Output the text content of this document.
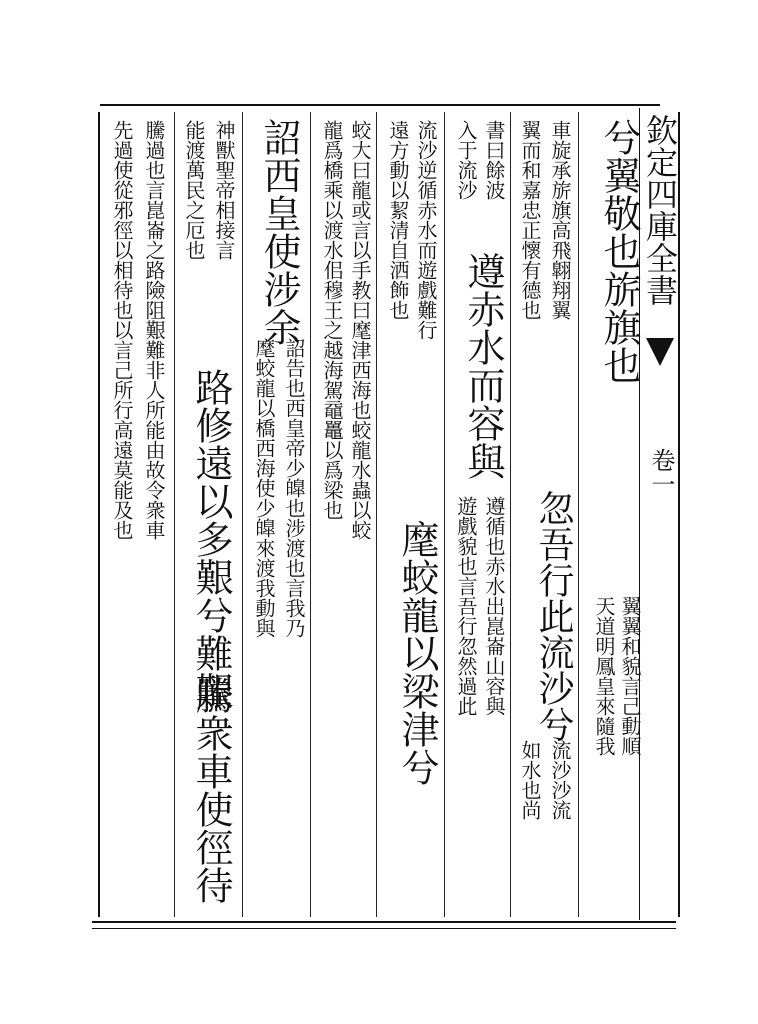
欽定四庫全書
卷一
兮翼敬也旂旗也
翼翼和貌言己動順
天道明鳳皇來隨我
車旋承旂旗高飛翺翔翼
翼而和嘉忠正懷有德也
流沙沙流
如水也尚
書曰餘波
入于流沙
遵赤水而容與
遵循也赤水出崑崙山容與
遊戲貌也言吾行忽然過此
流沙逆循赤水而遊戲難行
遠方動以絜清自洒飾也
麾蛟龍以梁津兮
蛟大曰龍或言以手教曰麾津西海也蛟龍水蟲以蛟
龍爲橋乘以渡水佀穆王之越海駕黿鼉以爲梁也
詔西皇使涉余
詔告也西皇帝少皥也涉渡也言我乃
麾蛟龍以橋西海使少皥來渡我動與
神獸聖帝相接言
能渡萬民之厄也
路修遠以多艱兮難艱
騰衆車使徑待
騰過也言崑崙之路險阻艱難非人所能由故令衆車
先過使從邪徑以相待也以言己所行高遠莫能及也
忽吾行此流沙兮
